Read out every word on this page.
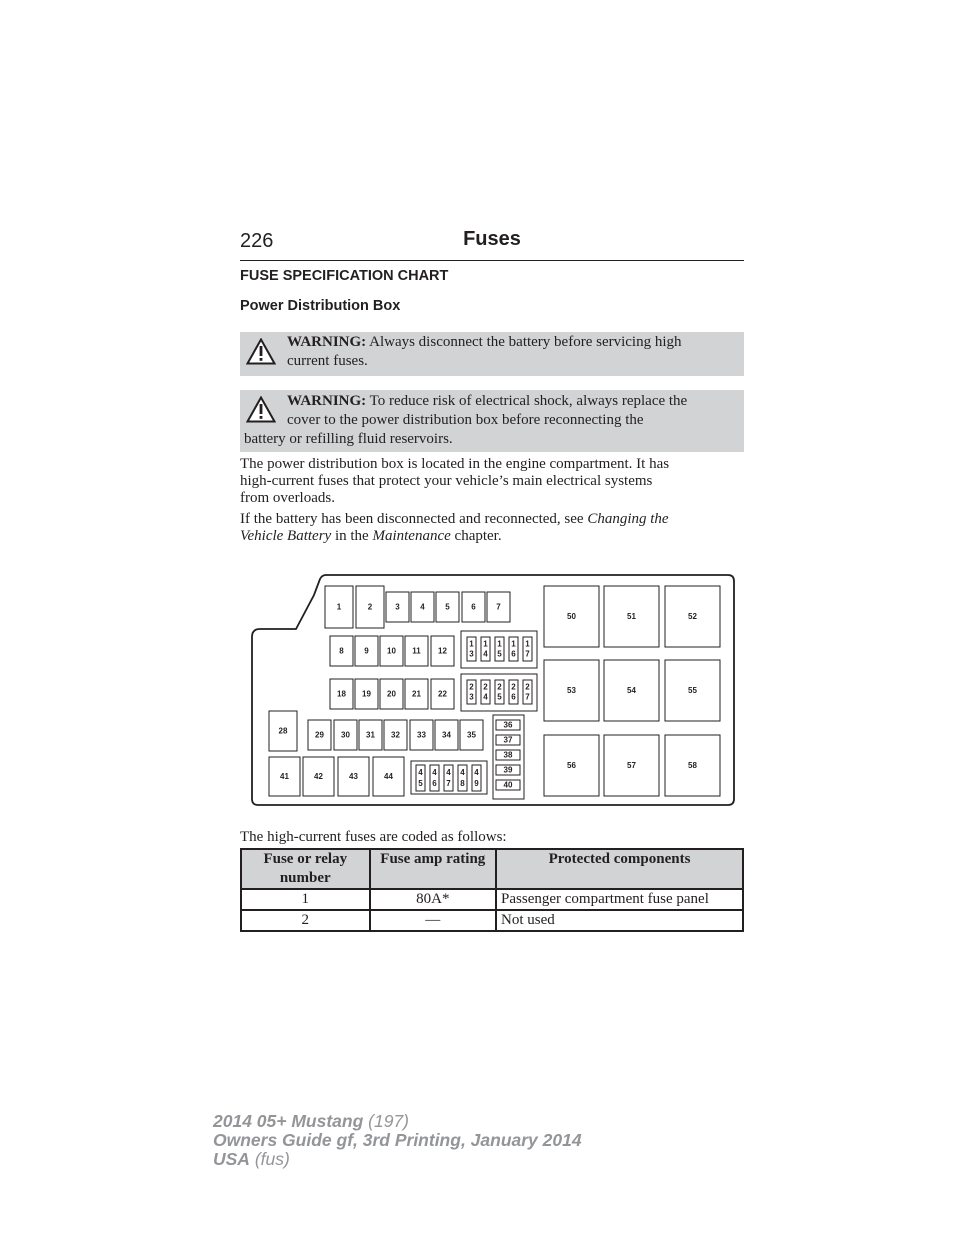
226	Fuses
FUSE SPECIFICATION CHART
Power Distribution Box
WARNING: Always disconnect the battery before servicing high
current fuses.
WARNING: To reduce risk of electrical shock, always replace the
cover to the power distribution box before reconnecting the
battery or refilling fluid reservoirs.

The power distribution box is located in the engine compartment. It has
high-current fuses that protect your vehicle’s main electrical systems
from overloads.

If the battery has been disconnected and reconnected, see Changing the
Vehicle Battery in the Maintenance chapter.

1	2	3	4	5	6	7
8	9 10 11 12
1
3
1
4
1
5
1
6
1
7
18 19 20 21 22
2
3
2
4
2
5
2
6
2
7
28	29 30 31 32 33 34 35
36
37
38
39
40
41	42	43	44	4
5
4
6
4
7
4
8
4
9
50	51	52
53	54	55
56	57	58
The high-current fuses are coded as follows:
Fuse or relay number	Fuse amp rating	Protected components
1	80A*	Passenger compartment fuse panel
2	—	Not used
2014 05+ Mustang (197)
Owners Guide gf, 3rd Printing, January 2014
USA (fus)
